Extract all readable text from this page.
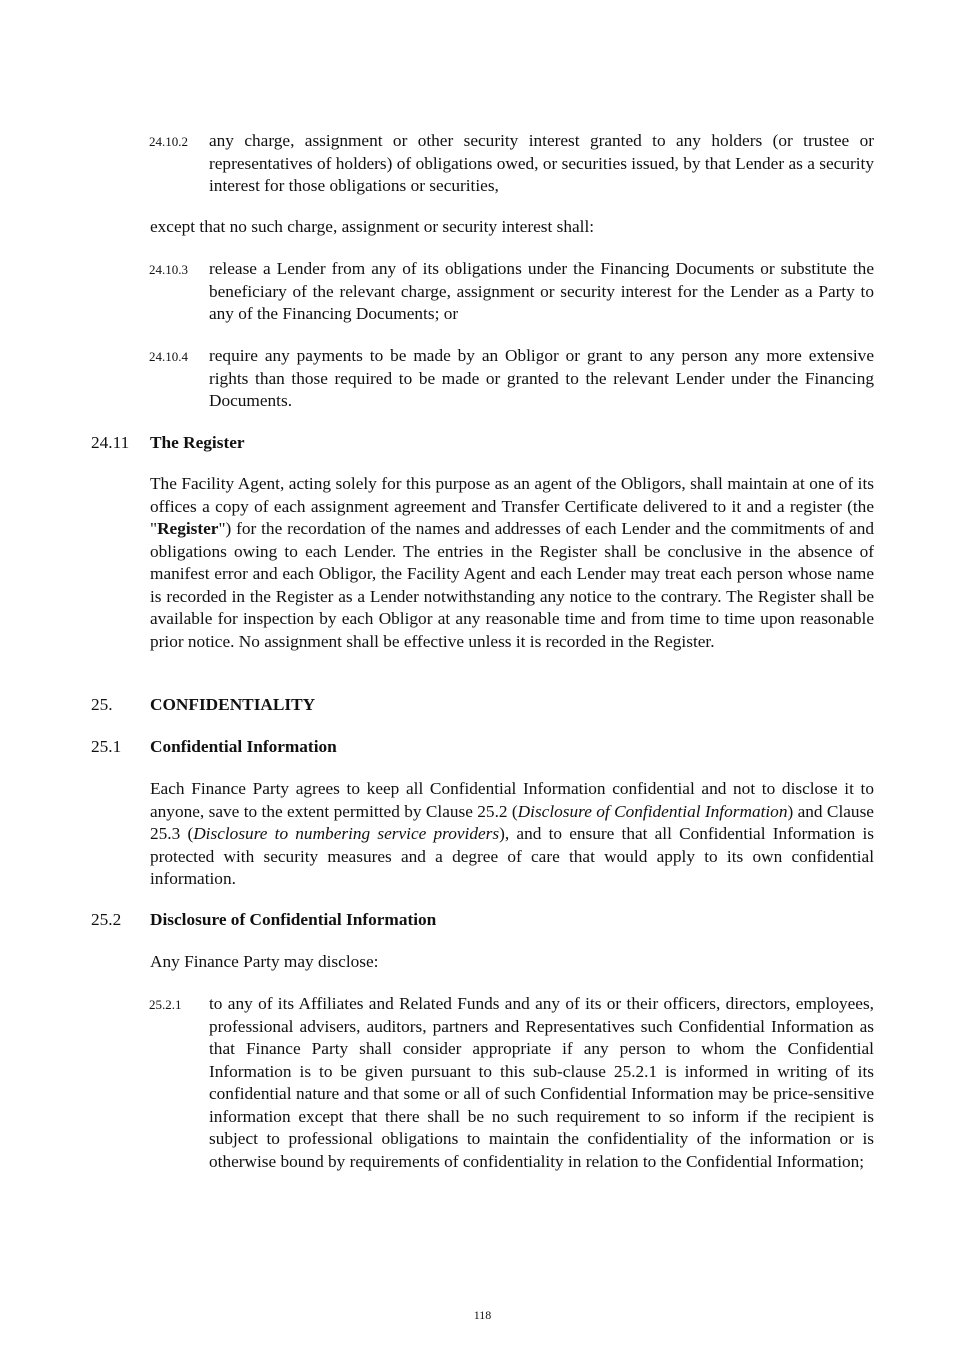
24.10.2 any charge, assignment or other security interest granted to any holders (or trustee or representatives of holders) of obligations owed, or securities issued, by that Lender as a security interest for those obligations or securities,
except that no such charge, assignment or security interest shall:
24.10.3 release a Lender from any of its obligations under the Financing Documents or substitute the beneficiary of the relevant charge, assignment or security interest for the Lender as a Party to any of the Financing Documents; or
24.10.4 require any payments to be made by an Obligor or grant to any person any more extensive rights than those required to be made or granted to the relevant Lender under the Financing Documents.
24.11 The Register
The Facility Agent, acting solely for this purpose as an agent of the Obligors, shall maintain at one of its offices a copy of each assignment agreement and Transfer Certificate delivered to it and a register (the "Register") for the recordation of the names and addresses of each Lender and the commitments of and obligations owing to each Lender. The entries in the Register shall be conclusive in the absence of manifest error and each Obligor, the Facility Agent and each Lender may treat each person whose name is recorded in the Register as a Lender notwithstanding any notice to the contrary. The Register shall be available for inspection by each Obligor at any reasonable time and from time to time upon reasonable prior notice. No assignment shall be effective unless it is recorded in the Register.
25. CONFIDENTIALITY
25.1 Confidential Information
Each Finance Party agrees to keep all Confidential Information confidential and not to disclose it to anyone, save to the extent permitted by Clause 25.2 (Disclosure of Confidential Information) and Clause 25.3 (Disclosure to numbering service providers), and to ensure that all Confidential Information is protected with security measures and a degree of care that would apply to its own confidential information.
25.2 Disclosure of Confidential Information
Any Finance Party may disclose:
25.2.1 to any of its Affiliates and Related Funds and any of its or their officers, directors, employees, professional advisers, auditors, partners and Representatives such Confidential Information as that Finance Party shall consider appropriate if any person to whom the Confidential Information is to be given pursuant to this sub-clause 25.2.1 is informed in writing of its confidential nature and that some or all of such Confidential Information may be price-sensitive information except that there shall be no such requirement to so inform if the recipient is subject to professional obligations to maintain the confidentiality of the information or is otherwise bound by requirements of confidentiality in relation to the Confidential Information;
118
